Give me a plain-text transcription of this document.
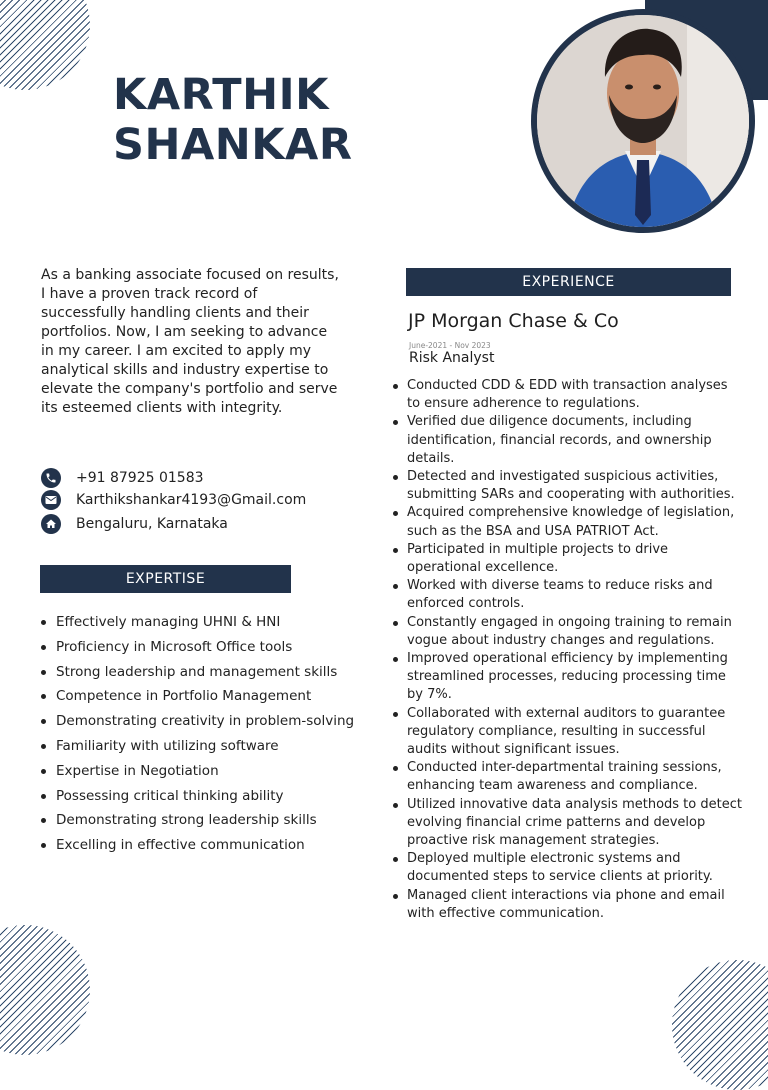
KARTHIK
SHANKAR

As a banking associate focused on results, I have a proven track record of successfully handling clients and their portfolios. Now, I am seeking to advance in my career. I am excited to apply my analytical skills and industry expertise to elevate the company's portfolio and serve its esteemed clients with integrity.

+91 87925 01583
Karthikshankar4193@Gmail.com
Bengaluru, Karnataka
EXPERTISE
Effectively managing UHNI & HNI
Proficiency in Microsoft Office tools
Strong leadership and management skills
Competence in Portfolio Management
Demonstrating creativity in problem-solving
Familiarity with utilizing software
Expertise in Negotiation
Possessing critical thinking ability
Demonstrating strong leadership skills
Excelling in effective communication
EXPERIENCE
JP Morgan Chase & Co
June-2021 - Nov 2023
Risk Analyst
Conducted CDD & EDD with transaction analyses to ensure adherence to regulations.
Verified due diligence documents, including identification, financial records, and ownership details.
Detected and investigated suspicious activities, submitting SARs and cooperating with authorities.
Acquired comprehensive knowledge of legislation, such as the BSA and USA PATRIOT Act.
Participated in multiple projects to drive operational excellence.
Worked with diverse teams to reduce risks and enforced controls.
Constantly engaged in ongoing training to remain vogue about industry changes and regulations.
Improved operational efficiency by implementing streamlined processes, reducing processing time by 7%.
Collaborated with external auditors to guarantee regulatory compliance, resulting in successful audits without significant issues.
Conducted inter-departmental training sessions, enhancing team awareness and compliance.
Utilized innovative data analysis methods to detect evolving financial crime patterns and develop proactive risk management strategies.
Deployed multiple electronic systems and documented steps to service clients at priority.
Managed client interactions via phone and email with effective communication.
